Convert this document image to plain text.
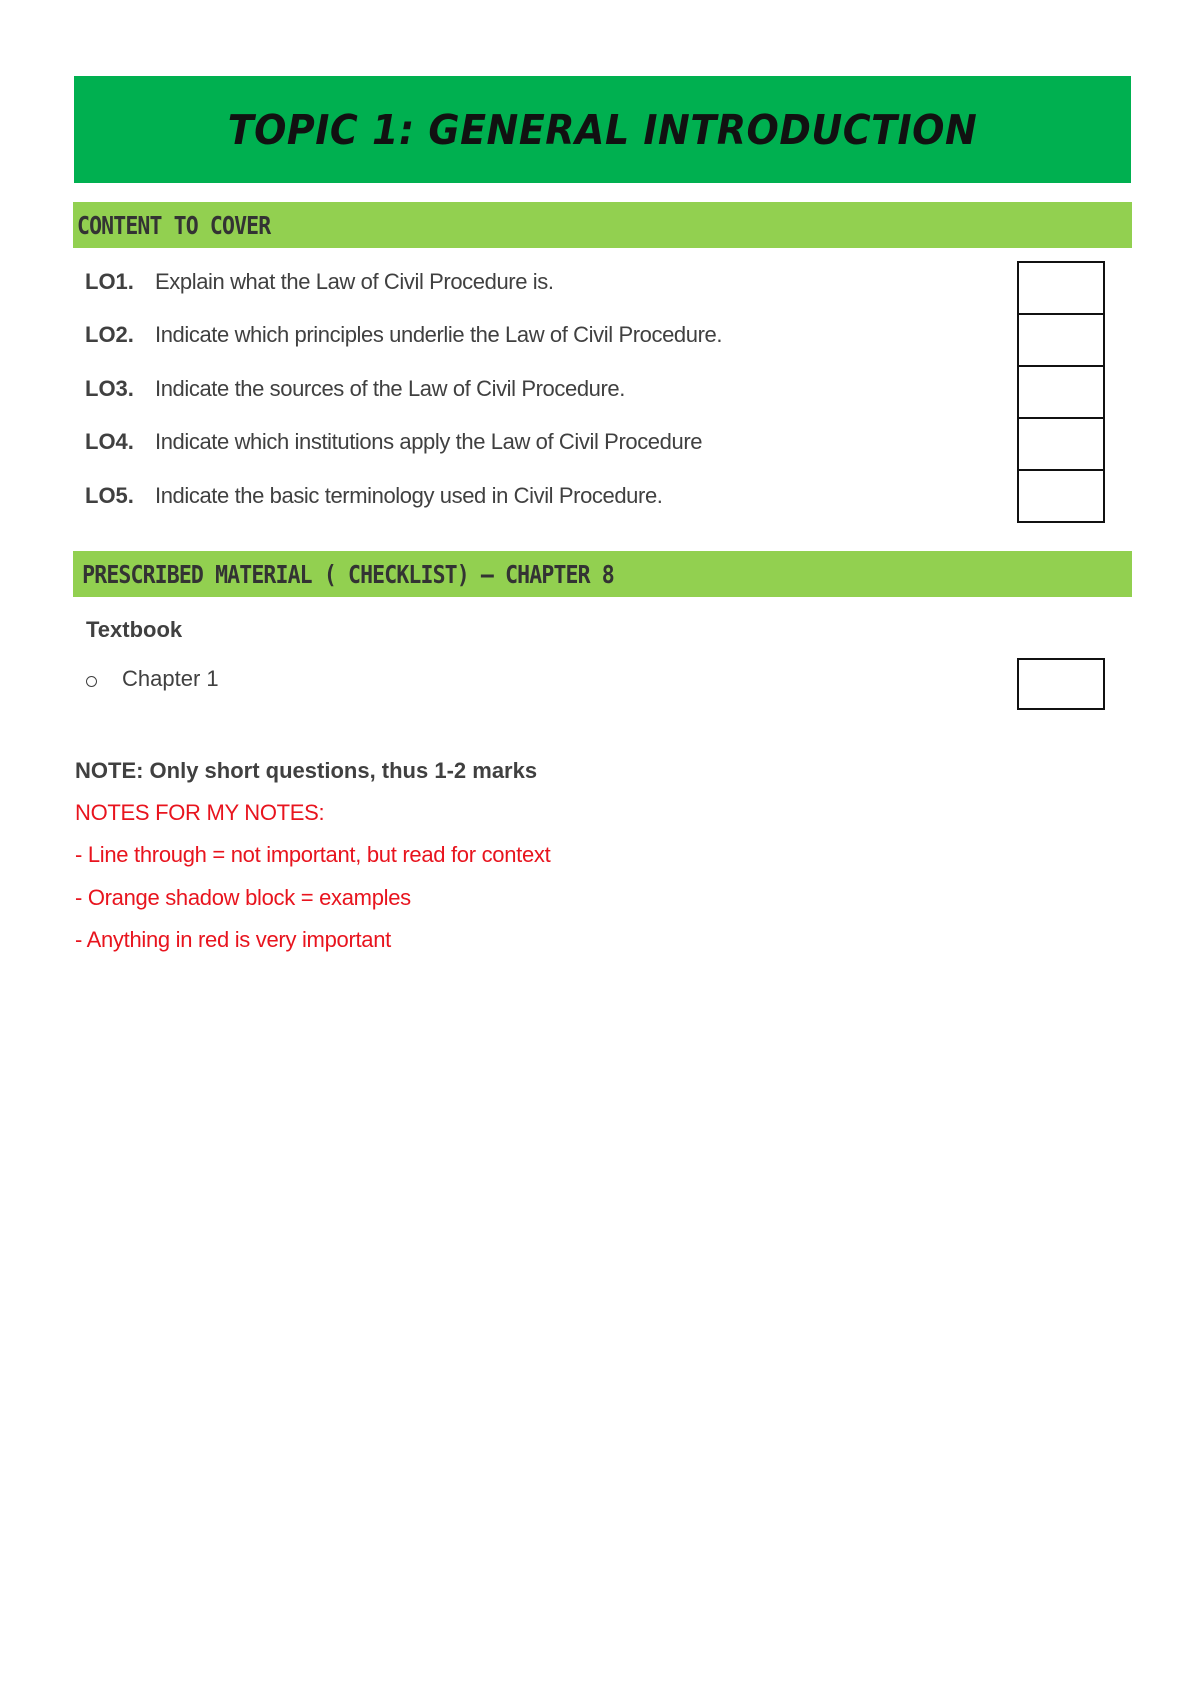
TOPIC 1: GENERAL INTRODUCTION
CONTENT TO COVER
LO1. Explain what the Law of Civil Procedure is.
LO2. Indicate which principles underlie the Law of Civil Procedure.
LO3. Indicate the sources of the Law of Civil Procedure.
LO4. Indicate which institutions apply the Law of Civil Procedure
LO5. Indicate the basic terminology used in Civil Procedure.
PRESCRIBED MATERIAL ( CHECKLIST) – CHAPTER 8
Textbook
Chapter 1
NOTE: Only short questions, thus 1-2 marks
NOTES FOR MY NOTES:
- Line through = not important, but read for context
- Orange shadow block = examples
- Anything in red is very important
